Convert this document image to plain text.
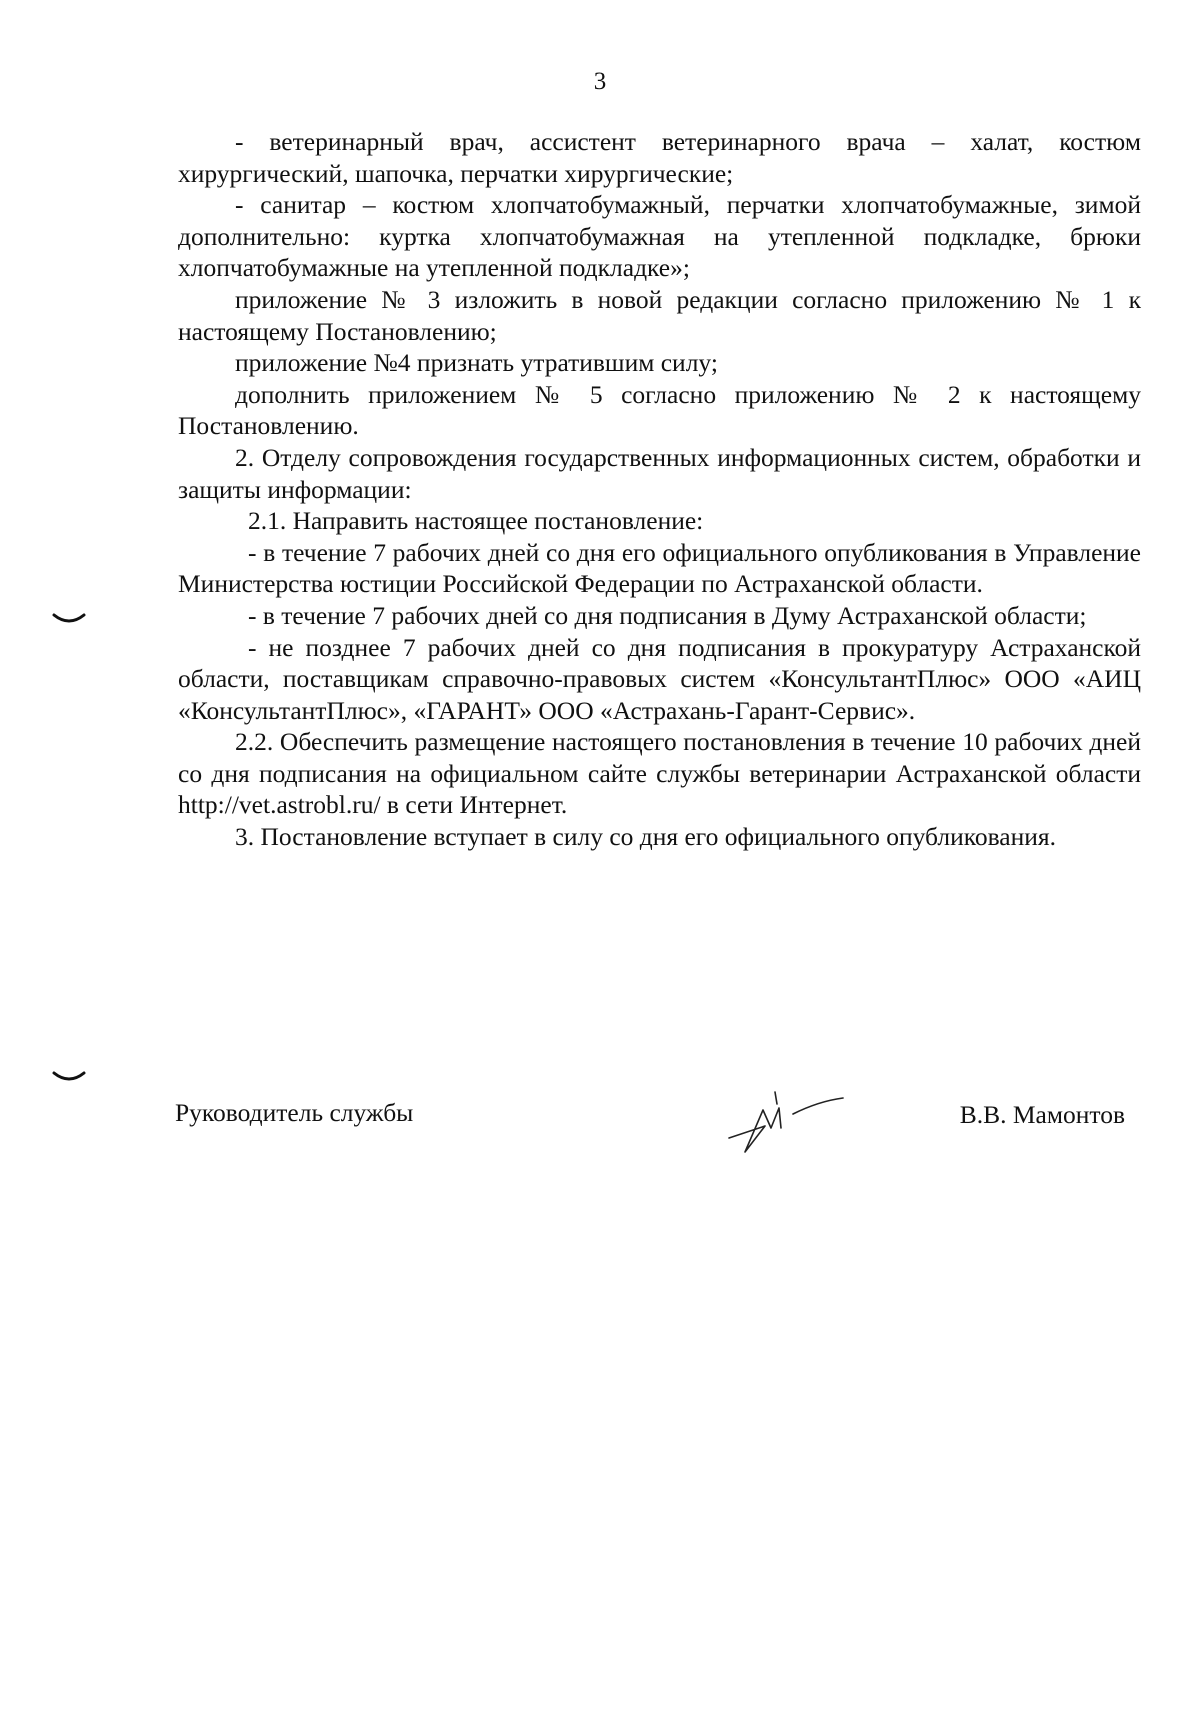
3

- ветеринарный врач, ассистент ветеринарного врача – халат, костюм хирургический, шапочка, перчатки хирургические;

- санитар – костюм хлопчатобумажный, перчатки хлопчатобумажные, зимой дополнительно: куртка хлопчатобумажная на утепленной подкладке, брюки хлопчатобумажные на утепленной подкладке»;

приложение № 3 изложить в новой редакции согласно приложению № 1 к настоящему Постановлению;

приложение №4 признать утратившим силу;

дополнить приложением № 5 согласно приложению № 2 к настоящему Постановлению.

2. Отделу сопровождения государственных информационных систем, обработки и защиты информации:

2.1. Направить настоящее постановление:

- в течение 7 рабочих дней со дня его официального опубликования в Управление Министерства юстиции Российской Федерации по Астраханской области.

- в течение 7 рабочих дней со дня подписания в Думу Астраханской области;

- не позднее 7 рабочих дней со дня подписания в прокуратуру Астраханской области, поставщикам справочно-правовых систем «КонсультантПлюс» ООО «АИЦ «КонсультантПлюс», «ГАРАНТ» ООО «Астрахань-Гарант-Сервис».

2.2. Обеспечить размещение настоящего постановления в течение 10 рабочих дней со дня подписания на официальном сайте службы ветеринарии Астраханской области http://vet.astrobl.ru/ в сети Интернет.

3. Постановление вступает в силу со дня его официального опубликования.

Руководитель службы	В.В. Мамонтов
